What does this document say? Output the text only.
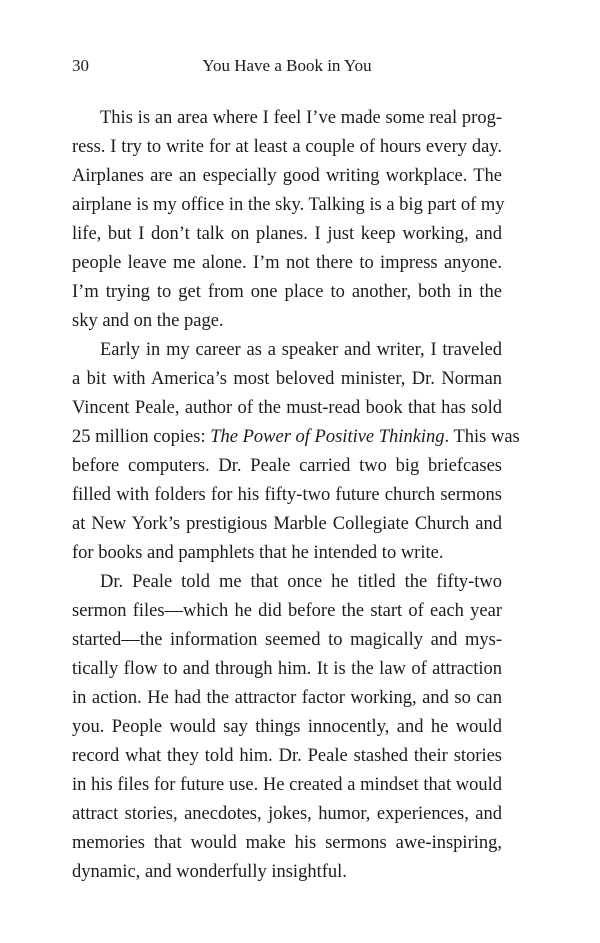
30	You Have a Book in You
This is an area where I feel I’ve made some real prog-
ress. I try to write for at least a couple of hours every day.
Airplanes are an especially good writing workplace. The
airplane is my office in the sky. Talking is a big part of my
life, but I don’t talk on planes. I just keep working, and
people leave me alone. I’m not there to impress anyone.
I’m trying to get from one place to another, both in the
sky and on the page.
Early in my career as a speaker and writer, I traveled
a bit with America’s most beloved minister, Dr. Norman
Vincent Peale, author of the must-read book that has sold
25 million copies: The Power of Positive Thinking. This was
before computers. Dr. Peale carried two big briefcases
filled with folders for his fifty-two future church sermons
at New York’s prestigious Marble Collegiate Church and
for books and pamphlets that he intended to write.
Dr. Peale told me that once he titled the fifty-two
sermon files—which he did before the start of each year
started—the information seemed to magically and mys-
tically flow to and through him. It is the law of attraction
in action. He had the attractor factor working, and so can
you. People would say things innocently, and he would
record what they told him. Dr. Peale stashed their stories
in his files for future use. He created a mindset that would
attract stories, anecdotes, jokes, humor, experiences, and
memories that would make his sermons awe-inspiring,
dynamic, and wonderfully insightful.
